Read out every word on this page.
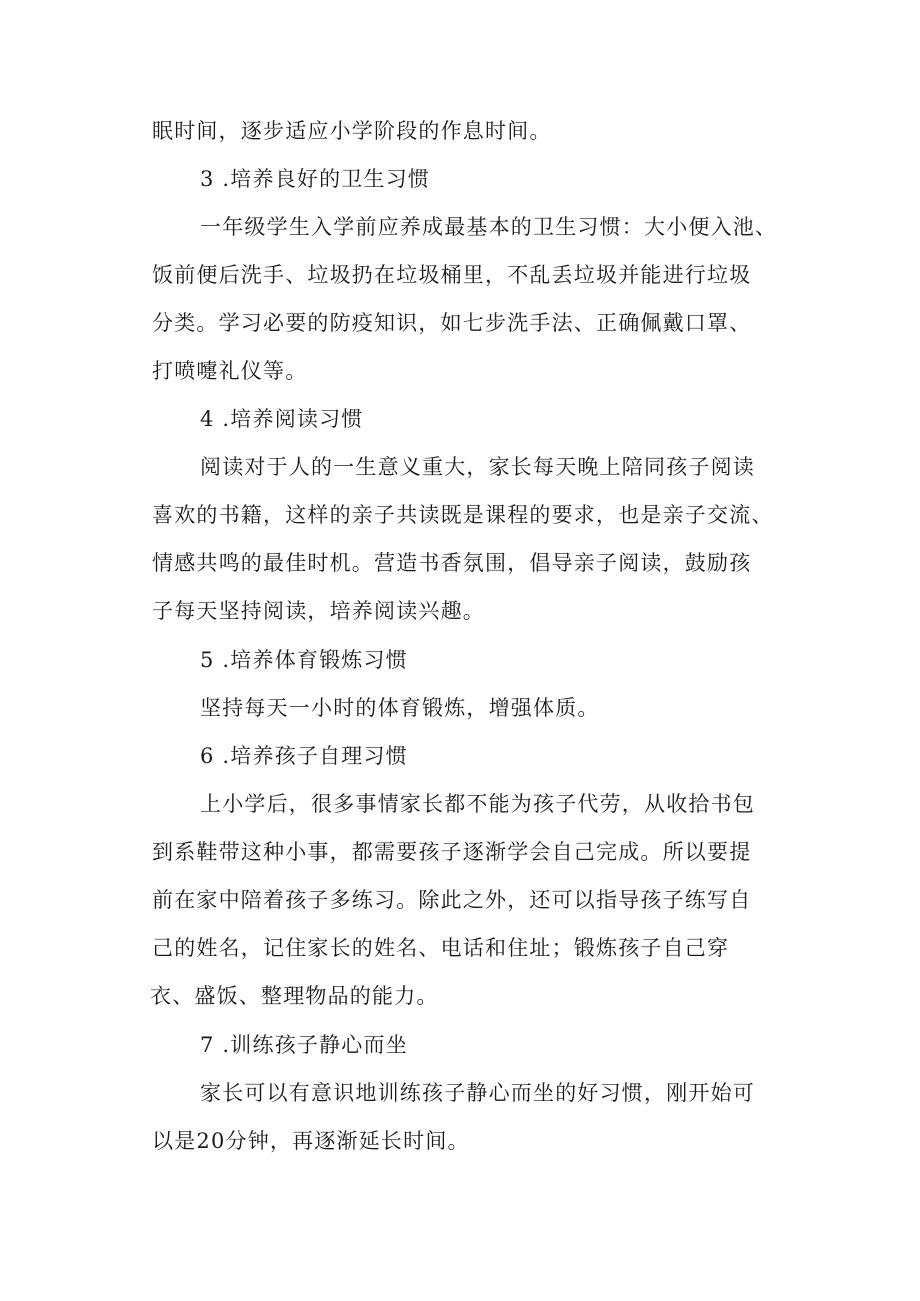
眠时间，逐步适应小学阶段的作息时间。
3 .培养良好的卫生习惯
一年级学生入学前应养成最基本的卫生习惯：大小便入池、
饭前便后洗手、垃圾扔在垃圾桶里，不乱丢垃圾并能进行垃圾
分类。学习必要的防疫知识，如七步洗手法、正确佩戴口罩、
打喷嚏礼仪等。
4 .培养阅读习惯
阅读对于人的一生意义重大，家长每天晚上陪同孩子阅读
喜欢的书籍，这样的亲子共读既是课程的要求，也是亲子交流、
情感共鸣的最佳时机。营造书香氛围，倡导亲子阅读，鼓励孩
子每天坚持阅读，培养阅读兴趣。
5 .培养体育锻炼习惯
坚持每天一小时的体育锻炼，增强体质。
6 .培养孩子自理习惯
上小学后，很多事情家长都不能为孩子代劳，从收拾书包
到系鞋带这种小事，都需要孩子逐渐学会自己完成。所以要提
前在家中陪着孩子多练习。除此之外，还可以指导孩子练写自
己的姓名，记住家长的姓名、电话和住址；锻炼孩子自己穿
衣、盛饭、整理物品的能力。
7 .训练孩子静心而坐
家长可以有意识地训练孩子静心而坐的好习惯，刚开始可
以是20分钟，再逐渐延长时间。
